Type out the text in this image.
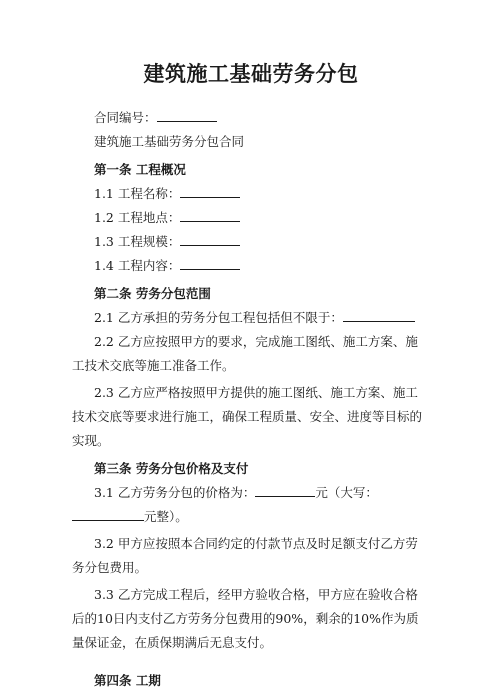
建筑施工基础劳务分包

合同编号：

建筑施工基础劳务分包合同

第一条 工程概况

1.1 工程名称：

1.2 工程地点：

1.3 工程规模：

1.4 工程内容：

第二条 劳务分包范围

2.1 乙方承担的劳务分包工程包括但不限于：

2.2 乙方应按照甲方的要求，完成施工图纸、施工方案、施工技术交底等施工准备工作。

2.3 乙方应严格按照甲方提供的施工图纸、施工方案、施工技术交底等要求进行施工，确保工程质量、安全、进度等目标的实现。

第三条 劳务分包价格及支付

3.1 乙方劳务分包的价格为：	元（大写：元整）。

3.2 甲方应按照本合同约定的付款节点及时足额支付乙方劳务分包费用。

3.3 乙方完成工程后，经甲方验收合格，甲方应在验收合格后的10日内支付乙方劳务分包费用的90%，剩余的10%作为质量保证金，在质保期满后无息支付。

第四条 工期
